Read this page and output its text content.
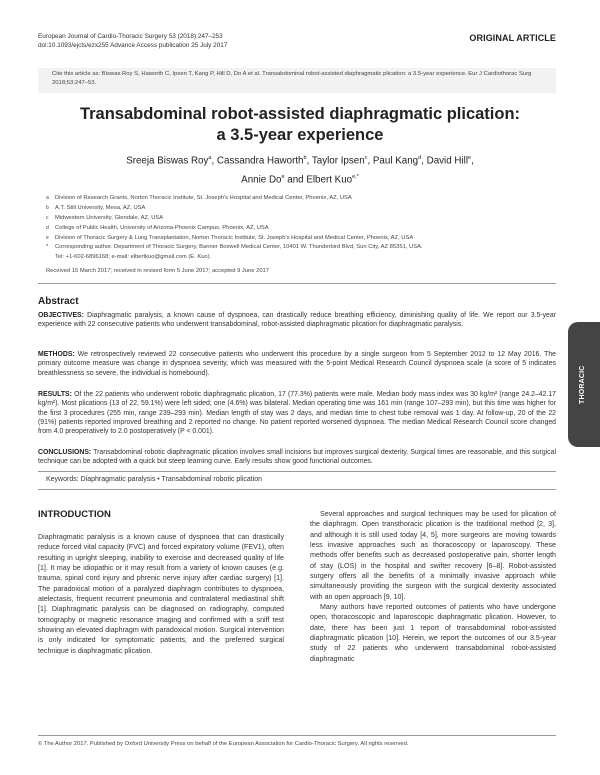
European Journal of Cardio-Thoracic Surgery 53 (2018) 247–253
doi:10.1093/ejcts/ezx255 Advance Access publication 25 July 2017
ORIGINAL ARTICLE
Cite this article as: Biswas Roy S, Haworth C, Ipsen T, Kang P, Hill D, Do A et al. Transabdominal robot-assisted diaphragmatic plication: a 3.5-year experience. Eur J Cardiothorac Surg 2018;53:247–53.
Transabdominal robot-assisted diaphragmatic plication:
a 3.5-year experience
Sreeja Biswas Roy$^a$, Cassandra Haworth$^b$, Taylor Ipsen$^c$, Paul Kang$^d$, David Hill$^e$,
Annie Do$^e$ and Elbert Kuo$^{e,*}$
a	Division of Research Grants, Norton Thoracic Institute, St. Joseph's Hospital and Medical Center, Phoenix, AZ, USA
b	A.T. Still University, Mesa, AZ, USA
c	Midwestern University, Glendale, AZ, USA
d	College of Public Health, University of Arizona-Phoenix Campus, Phoenix, AZ, USA
e	Division of Thoracic Surgery & Lung Transplantation, Norton Thoracic Institute, St. Joseph's Hospital and Medical Center, Phoenix, AZ, USA
*	Corresponding author. Department of Thoracic Surgery, Banner Boswell Medical Center, 10401 W. Thunderbird Blvd, Sun City, AZ 85351, USA.
Tel: +1-602-6896168; e-mail: elbertkuo@gmail.com (E. Kuo).
Received 15 March 2017; received in revised form 5 June 2017; accepted 9 June 2017
Abstract
OBJECTIVES: Diaphragmatic paralysis, a known cause of dyspnoea, can drastically reduce breathing efficiency, diminishing quality of life. We report our 3.5-year experience with 22 consecutive patients who underwent transabdominal, robot-assisted diaphragmatic plication for diaphragmatic paralysis.
METHODS: We retrospectively reviewed 22 consecutive patients who underwent this procedure by a single surgeon from 5 September 2012 to 12 May 2016. The primary outcome measure was change in dyspnoea severity, which was measured with the 5-point Medical Research Council dyspnoea scale (a score of 5 indicates breathlessness so severe, the individual is homebound).
RESULTS: Of the 22 patients who underwent robotic diaphragmatic plication, 17 (77.3%) patients were male. Median body mass index was 30 kg/m² (range 24.2–42.17 kg/m²). Most plications (13 of 22, 59.1%) were left sided; one (4.6%) was bilateral. Median operating time was 161 min (range 107–293 min), but this time was higher for the first 3 procedures (255 min, range 239–293 min). Median length of stay was 2 days, and median time to chest tube removal was 1 day. At follow-up, 20 of the 22 (91%) patients reported improved breathing and 2 reported no change. No patient reported worsened dyspnoea. The median Medical Research Council score changed from 4.0 preoperatively to 2.0 postoperatively (P < 0.001).
CONCLUSIONS: Transabdominal robotic diaphragmatic plication involves small incisions but improves surgical dexterity. Surgical times are reasonable, and this surgical technique can be adopted with a quick but steep learning curve. Early results show good functional outcomes.
Keywords: Diaphragmatic paralysis • Transabdominal robotic plication
THORACIC
INTRODUCTION
Diaphragmatic paralysis is a known cause of dyspnoea that can drastically reduce forced vital capacity (FVC) and forced expiratory volume (FEV1), often resulting in upright sleeping, inability to exercise and decreased quality of life [1]. It may be idiopathic or it may result from a variety of known causes (e.g. trauma, spinal cord injury and phrenic nerve injury after cardiac surgery) [1]. The paradoxical motion of a paralyzed diaphragm contributes to dyspnoea, atelectasis, frequent recurrent pneumonia and contralateral mediastinal shift [1]. Diaphragmatic paralysis can be diagnosed on radiography, computed tomography or magnetic resonance imaging and confirmed with a sniff test showing an elevated diaphragm with paradoxical motion. Surgical intervention is only indicated for symptomatic patients, and the preferred surgical technique is diaphragmatic plication.
Several approaches and surgical techniques may be used for plication of the diaphragm. Open transthoracic plication is the traditional method [2, 3], and although it is still used today [4, 5], more surgeons are moving towards less invasive approaches such as thoracoscopy or laparoscopy. These methods offer benefits such as decreased postoperative pain, shorter length of stay (LOS) in the hospital and swifter recovery [6–8]. Robot-assisted surgery offers all the benefits of a minimally invasive approach while simultaneously providing the surgeon with the surgical dexterity associated with an open approach [9, 10].
Many authors have reported outcomes of patients who have undergone open, thoracoscopic and laparoscopic diaphragmatic plication. However, to date, there has been just 1 report of transabdominal robot-assisted diaphragmatic plication [10]. Herein, we report the outcomes of our 3.5-year study of 22 patients who underwent transabdominal robot-assisted diaphragmatic
© The Author 2017. Published by Oxford University Press on behalf of the European Association for Cardio-Thoracic Surgery. All rights reserved.
